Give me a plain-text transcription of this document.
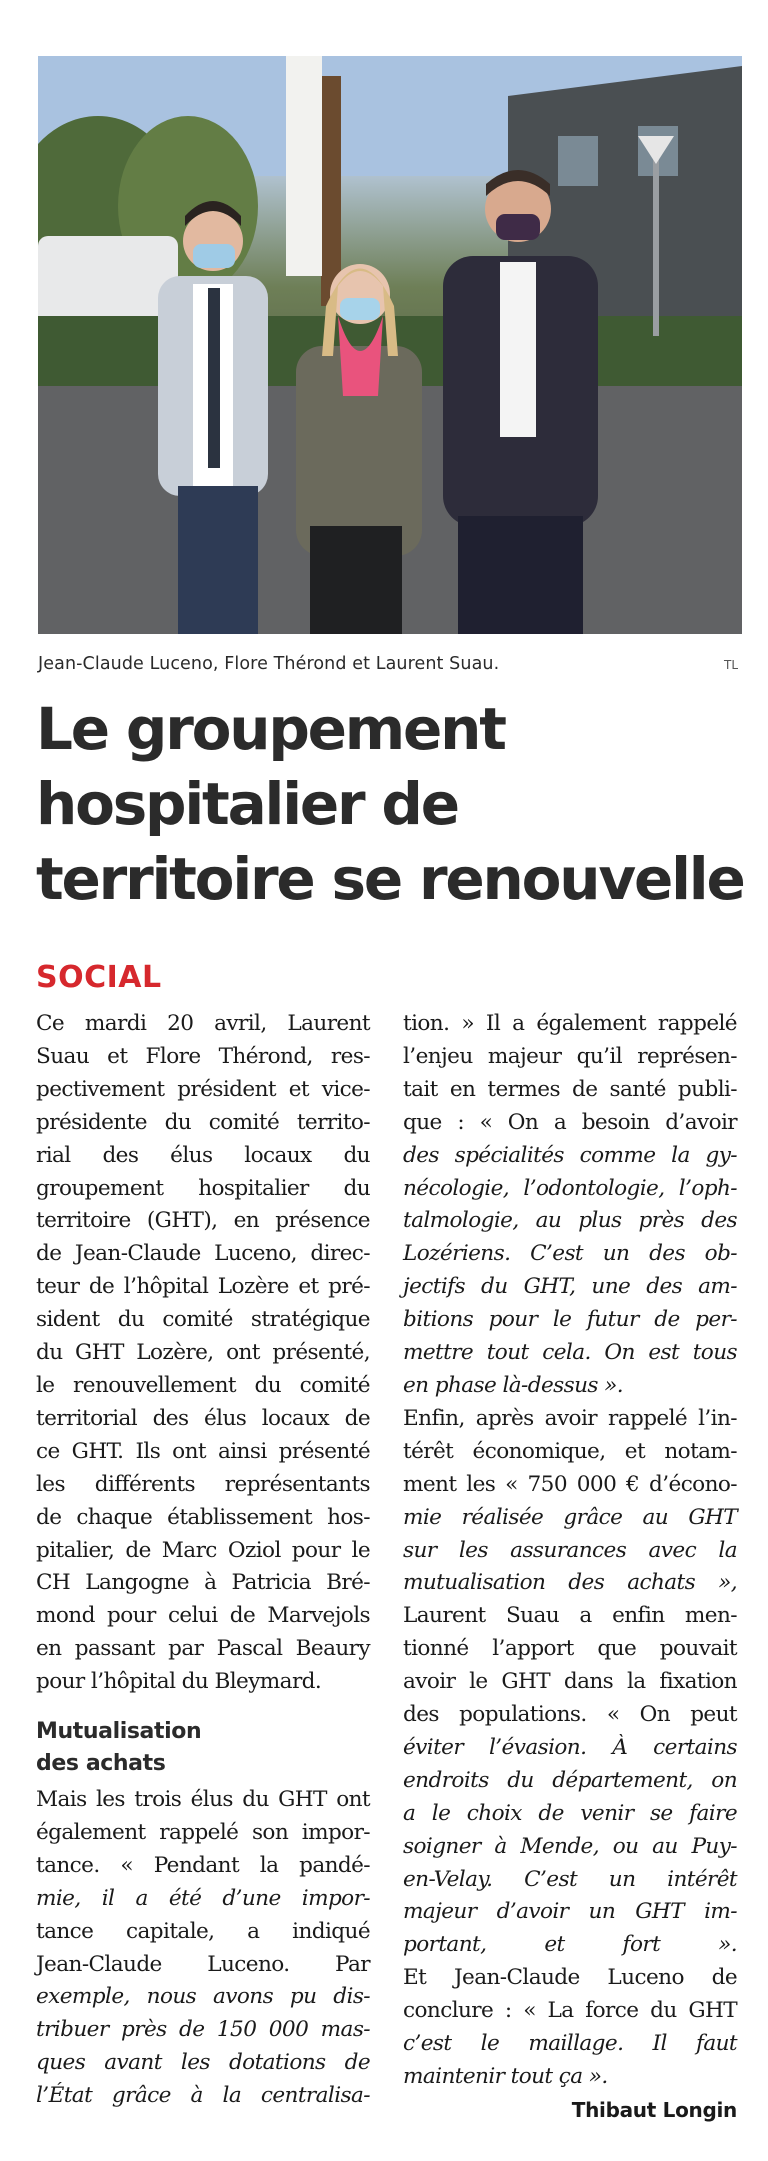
Jean-Claude Luceno, Flore Thérond et Laurent Suau.	TL
Le groupement
hospitalier de
territoire se renouvelle
SOCIAL
Ce mardi 20 avril, Laurent
Suau et Flore Thérond, res-
pectivement président et vice-
présidente du comité territo-
rial des élus locaux du
groupement hospitalier du
territoire (GHT), en présence
de Jean-Claude Luceno, direc-
teur de l’hôpital Lozère et pré-
sident du comité stratégique
du GHT Lozère, ont présenté,
le renouvellement du comité
territorial des élus locaux de
ce GHT. Ils ont ainsi présenté
les différents représentants
de chaque établissement hos-
pitalier, de Marc Oziol pour le
CH Langogne à Patricia Bré-
mond pour celui de Marvejols
en passant par Pascal Beaury
pour l’hôpital du Bleymard.
Mutualisation
des achats
Mais les trois élus du GHT ont
également rappelé son impor-
tance. « Pendant la pandé-
mie, il a été d’une impor-
tance capitale, a indiqué
Jean-Claude Luceno. Par
exemple, nous avons pu dis-
tribuer près de 150 000 mas-
ques avant les dotations de
l’État grâce à la centralisa-
tion. » Il a également rappelé
l’enjeu majeur qu’il représen-
tait en termes de santé publi-
que : « On a besoin d’avoir
des spécialités comme la gy-
nécologie, l’odontologie, l’oph-
talmologie, au plus près des
Lozériens. C’est un des ob-
jectifs du GHT, une des am-
bitions pour le futur de per-
mettre tout cela. On est tous
en phase là-dessus ».
Enfin, après avoir rappelé l’in-
térêt économique, et notam-
ment les « 750 000 € d’écono-
mie réalisée grâce au GHT
sur les assurances avec la
mutualisation des achats »,
Laurent Suau a enfin men-
tionné l’apport que pouvait
avoir le GHT dans la fixation
des populations. « On peut
éviter l’évasion. À certains
endroits du département, on
a le choix de venir se faire
soigner à Mende, ou au Puy-
en-Velay. C’est un intérêt
majeur d’avoir un GHT im-
portant, et fort ».
Et Jean-Claude Luceno de
conclure : « La force du GHT
c’est le maillage. Il faut
maintenir tout ça ».
Thibaut Longin
